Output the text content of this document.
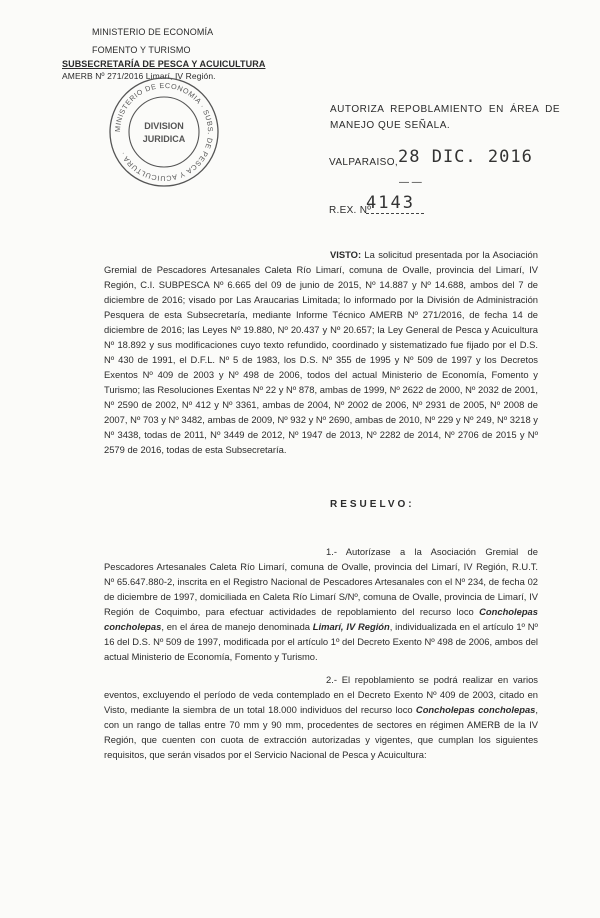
MINISTERIO DE ECONOMÍA
FOMENTO Y TURISMO
SUBSECRETARÍA DE PESCA Y ACUICULTURA
AMERB Nº 271/2016 Limarí, IV Región.
MINISTERIO DE ECONOMIA · SUBS. DE PESCA Y ACUICULTURA ·
DIVISION
JURIDICA
AUTORIZA REPOBLAMIENTO EN ÁREA DE MANEJO QUE SEÑALA.
VALPARAISO, 28 DIC. 2016
— —
R.EX. Nº
4143
VISTO: La solicitud presentada por la Asociación Gremial de Pescadores Artesanales Caleta Río Limarí, comuna de Ovalle, provincia del Limarí, IV Región, C.I. SUBPESCA Nº 6.665 del 09 de junio de 2015, Nº 14.887 y Nº 14.688, ambos del 7 de diciembre de 2016; visado por Las Araucarias Limitada; lo informado por la División de Administración Pesquera de esta Subsecretaría, mediante Informe Técnico AMERB Nº 271/2016, de fecha 14 de diciembre de 2016; las Leyes Nº 19.880, Nº 20.437 y Nº 20.657; la Ley General de Pesca y Acuicultura Nº 18.892 y sus modificaciones cuyo texto refundido, coordinado y sistematizado fue fijado por el D.S. Nº 430 de 1991, el D.F.L. Nº 5 de 1983, los D.S. Nº 355 de 1995 y Nº 509 de 1997 y los Decretos Exentos Nº 409 de 2003 y Nº 498 de 2006, todos del actual Ministerio de Economía, Fomento y Turismo; las Resoluciones Exentas Nº 22 y Nº 878, ambas de 1999, Nº 2622 de 2000, Nº 2032 de 2001, Nº 2590 de 2002, Nº 412 y Nº 3361, ambas de 2004, Nº 2002 de 2006, Nº 2931 de 2005, Nº 2008 de 2007, Nº 703 y Nº 3482, ambas de 2009, Nº 932 y Nº 2690, ambas de 2010, Nº 229 y Nº 249, Nº 3218 y Nº 3438, todas de 2011, Nº 3449 de 2012, Nº 1947 de 2013, Nº 2282 de 2014, Nº 2706 de 2015 y Nº 2579 de 2016, todas de esta Subsecretaría.
RESUELVO:
1.- Autorízase a la Asociación Gremial de Pescadores Artesanales Caleta Río Limarí, comuna de Ovalle, provincia del Limarí, IV Región, R.U.T. Nº 65.647.880-2, inscrita en el Registro Nacional de Pescadores Artesanales con el Nº 234, de fecha 02 de diciembre de 1997, domiciliada en Caleta Río Limarí S/Nº, comuna de Ovalle, provincia de Limarí, IV Región de Coquimbo, para efectuar actividades de repoblamiento del recurso loco Concholepas concholepas, en el área de manejo denominada Limarí, IV Región, individualizada en el artículo 1º Nº 16 del D.S. Nº 509 de 1997, modificada por el artículo 1º del Decreto Exento Nº 498 de 2006, ambos del actual Ministerio de Economía, Fomento y Turismo.
2.- El repoblamiento se podrá realizar en varios eventos, excluyendo el período de veda contemplado en el Decreto Exento Nº 409 de 2003, citado en Visto, mediante la siembra de un total 18.000 individuos del recurso loco Concholepas concholepas, con un rango de tallas entre 70 mm y 90 mm, procedentes de sectores en régimen AMERB de la IV Región, que cuenten con cuota de extracción autorizadas y vigentes, que cumplan los siguientes requisitos, que serán visados por el Servicio Nacional de Pesca y Acuicultura:
